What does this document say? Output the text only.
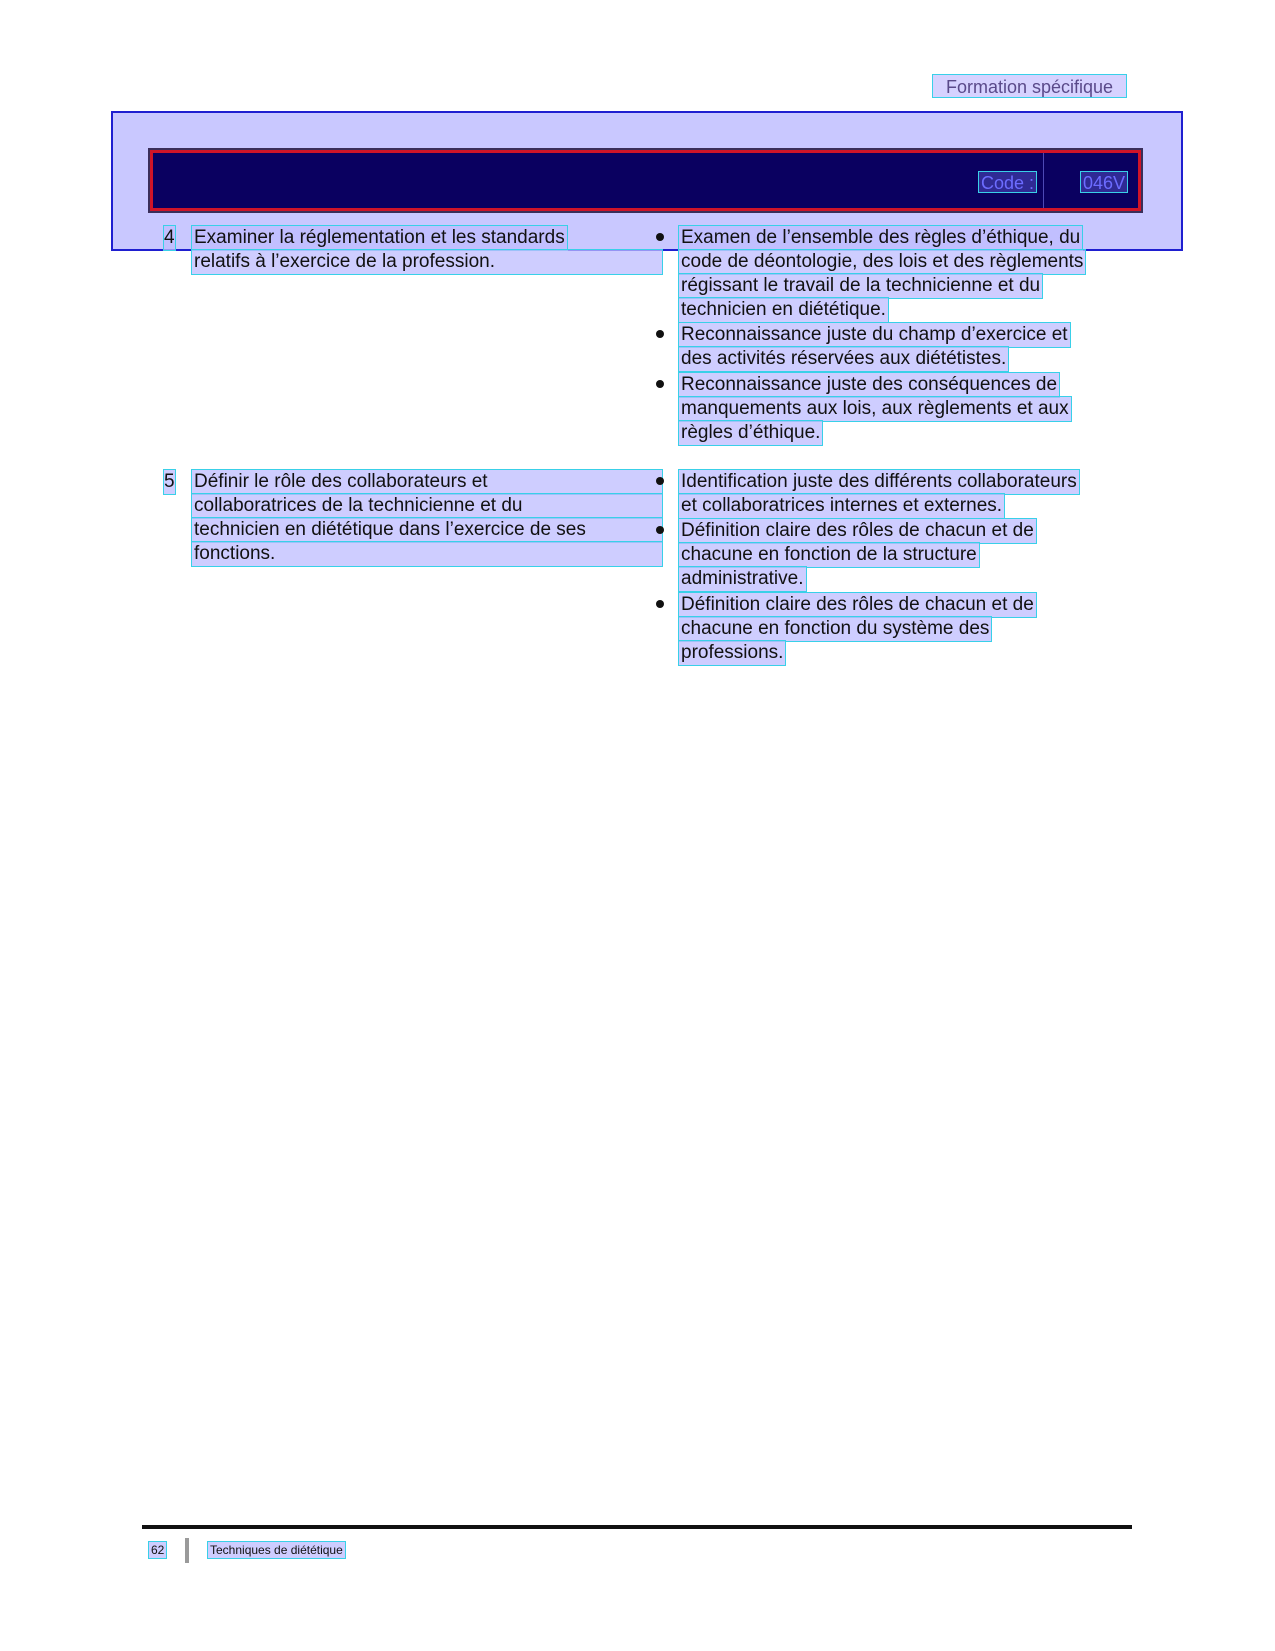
Formation spécifique
Code :	046V
4 Examiner la réglementation et les standards
relatifs à l’exercice de la profession.
Examen de l’ensemble des règles d’éthique, du
code de déontologie, des lois et des règlements
régissant le travail de la technicienne et du
technicien en diététique.
Reconnaissance juste du champ d’exercice et
des activités réservées aux diététistes.
Reconnaissance juste des conséquences de
manquements aux lois, aux règlements et aux
règles d’éthique.
5 Définir le rôle des collaborateurs et
collaboratrices de la technicienne et du
technicien en diététique dans l’exercice de ses
fonctions.
Identification juste des différents collaborateurs
et collaboratrices internes et externes.
Définition claire des rôles de chacun et de
chacune en fonction de la structure
administrative.
Définition claire des rôles de chacun et de
chacune en fonction du système des
professions.
62	Techniques de diététique
